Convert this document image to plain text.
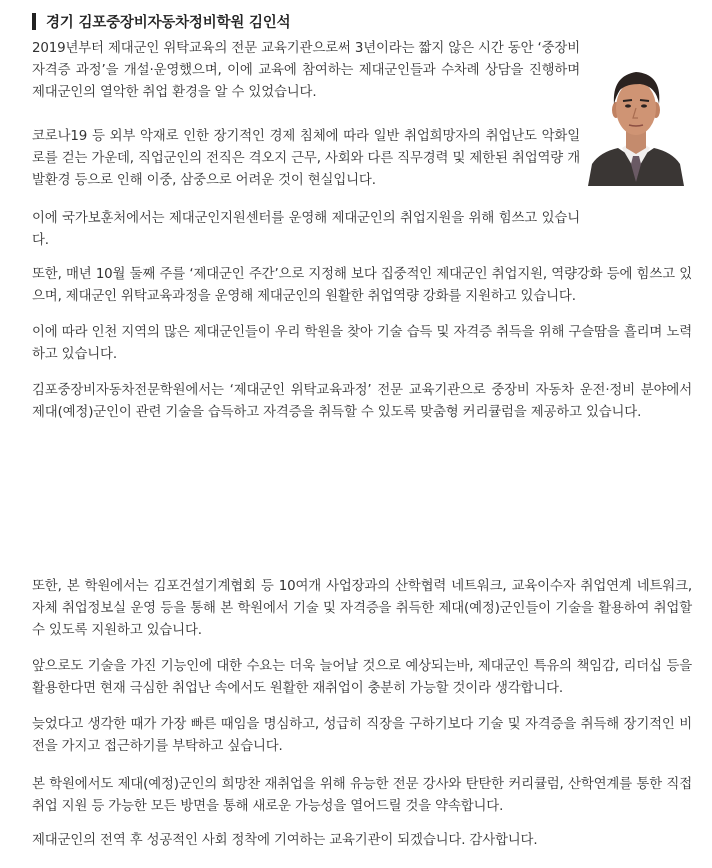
경기 김포중장비자동차정비학원 김인석

2019년부터 제대군인 위탁교육의 전문 교육기관으로써 3년이라는 짧지 않은 시간 동안 ‘중장비 자격증 과정’을 개설·운영했으며, 이에 교육에 참여하는 제대군인들과 수차례 상담을 진행하며 제대군인의 열악한 취업 환경을 알 수 있었습니다.

코로나19 등 외부 악재로 인한 장기적인 경제 침체에 따라 일반 취업희망자의 취업난도 악화일로를 걷는 가운데, 직업군인의 전직은 격오지 근무, 사회와 다른 직무경력 및 제한된 취업역량 개발환경 등으로 인해 이중, 삼중으로 어려운 것이 현실입니다.

이에 국가보훈처에서는 제대군인지원센터를 운영해 제대군인의 취업지원을 위해 힘쓰고 있습니다.

또한, 매년 10월 둘째 주를 ‘제대군인 주간’으로 지정해 보다 집중적인 제대군인 취업지원, 역량강화 등에 힘쓰고 있으며, 제대군인 위탁교육과정을 운영해 제대군인의 원활한 취업역량 강화를 지원하고 있습니다.

이에 따라 인천 지역의 많은 제대군인들이 우리 학원을 찾아 기술 습득 및 자격증 취득을 위해 구슬땀을 흘리며 노력하고 있습니다.

김포중장비자동차전문학원에서는 ‘제대군인 위탁교육과정’ 전문 교육기관으로 중장비 자동차 운전·정비 분야에서 제대(예정)군인이 관련 기술을 습득하고 자격증을 취득할 수 있도록 맞춤형 커리큘럼을 제공하고 있습니다.

또한, 본 학원에서는 김포건설기계협회 등 10여개 사업장과의 산학협력 네트워크, 교육이수자 취업연계 네트워크, 자체 취업정보실 운영 등을 통해 본 학원에서 기술 및 자격증을 취득한 제대(예정)군인들이 기술을 활용하여 취업할 수 있도록 지원하고 있습니다.

앞으로도 기술을 가진 기능인에 대한 수요는 더욱 늘어날 것으로 예상되는바, 제대군인 특유의 책임감, 리더십 등을 활용한다면 현재 극심한 취업난 속에서도 원활한 재취업이 충분히 가능할 것이라 생각합니다.

늦었다고 생각한 때가 가장 빠른 때임을 명심하고, 성급히 직장을 구하기보다 기술 및 자격증을 취득해 장기적인 비전을 가지고 접근하기를 부탁하고 싶습니다.

본 학원에서도 제대(예정)군인의 희망찬 재취업을 위해 유능한 전문 강사와 탄탄한 커리큘럼, 산학연계를 통한 직접취업 지원 등 가능한 모든 방면을 통해 새로운 가능성을 열어드릴 것을 약속합니다.

제대군인의 전역 후 성공적인 사회 정착에 기여하는 교육기관이 되겠습니다. 감사합니다.
